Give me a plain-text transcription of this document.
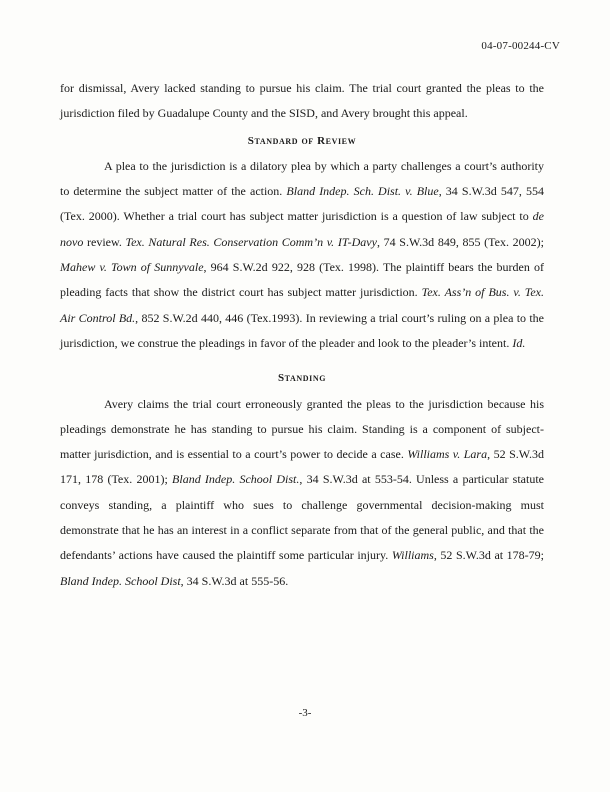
04-07-00244-CV

for dismissal, Avery lacked standing to pursue his claim. The trial court granted the pleas to the jurisdiction filed by Guadalupe County and the SISD, and Avery brought this appeal.

Standard of Review

A plea to the jurisdiction is a dilatory plea by which a party challenges a court’s authority to determine the subject matter of the action. Bland Indep. Sch. Dist. v. Blue, 34 S.W.3d 547, 554 (Tex. 2000). Whether a trial court has subject matter jurisdiction is a question of law subject to de novo review. Tex. Natural Res. Conservation Comm’n v. IT-Davy, 74 S.W.3d 849, 855 (Tex. 2002); Mahew v. Town of Sunnyvale, 964 S.W.2d 922, 928 (Tex. 1998). The plaintiff bears the burden of pleading facts that show the district court has subject matter jurisdiction. Tex. Ass’n of Bus. v. Tex. Air Control Bd., 852 S.W.2d 440, 446 (Tex.1993). In reviewing a trial court’s ruling on a plea to the jurisdiction, we construe the pleadings in favor of the pleader and look to the pleader’s intent. Id.

Standing

Avery claims the trial court erroneously granted the pleas to the jurisdiction because his pleadings demonstrate he has standing to pursue his claim. Standing is a component of subject-matter jurisdiction, and is essential to a court’s power to decide a case. Williams v. Lara, 52 S.W.3d 171, 178 (Tex. 2001); Bland Indep. School Dist., 34 S.W.3d at 553-54. Unless a particular statute conveys standing, a plaintiff who sues to challenge governmental decision-making must demonstrate that he has an interest in a conflict separate from that of the general public, and that the defendants’ actions have caused the plaintiff some particular injury. Williams, 52 S.W.3d at 178-79; Bland Indep. School Dist, 34 S.W.3d at 555-56.

-3-
